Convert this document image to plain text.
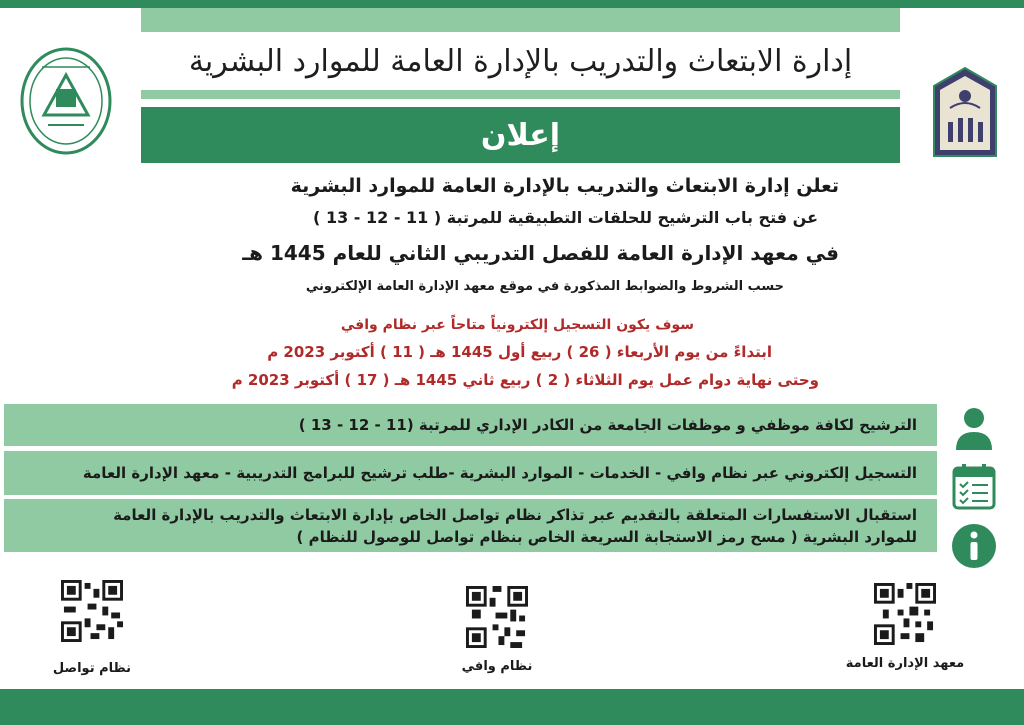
إدارة الابتعاث والتدريب بالإدارة العامة للموارد البشرية
إعلان
تعلن إدارة الابتعاث والتدريب بالإدارة العامة للموارد البشرية
عن فتح باب الترشيح للحلقات التطبيقية للمرتبة ( 11 - 12 - 13 )
في معهد الإدارة العامة للفصل التدريبي الثاني للعام 1445 هـ
حسب الشروط والضوابط المذكورة في موقع معهد الإدارة العامة الإلكتروني
سوف يكون التسجيل إلكترونياً متاحاً عبر نظام وافي
ابتداءً من يوم الأربعاء ( 26 ) ربيع أول 1445 هـ ( 11 ) أكتوبر 2023 م
وحتى نهاية دوام عمل يوم الثلاثاء ( 2 ) ربيع ثاني 1445 هـ ( 17 ) أكتوبر 2023 م
الترشيح لكافة موظفي و موظفات الجامعة من الكادر الإداري للمرتبة (11 - 12 - 13 )
التسجيل إلكتروني عبر نظام وافي - الخدمات - الموارد البشرية -طلب ترشيح للبرامج التدريبية - معهد الإدارة العامة
استقبال الاستفسارات المتعلقة بالتقديم عبر تذاكر نظام تواصل الخاص بإدارة الابتعاث والتدريب بالإدارة العامة
للموارد البشرية ( مسح رمز الاستجابة السريعة الخاص بنظام تواصل للوصول للنظام )
نظام تواصل	نظام وافي	معهد الإدارة العامة
